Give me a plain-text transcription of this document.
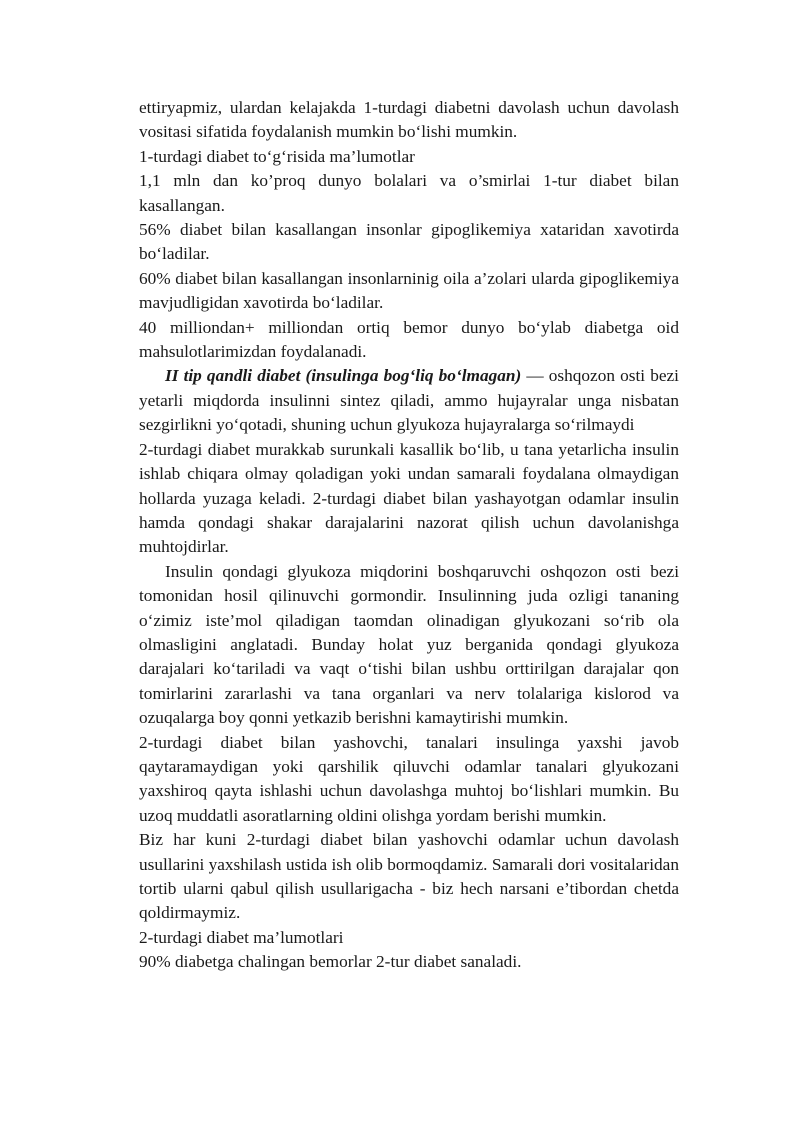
ettiryapmiz, ulardan kelajakda 1-turdagi diabetni davolash uchun davolash vositasi sifatida foydalanish mumkin bo‘lishi mumkin.

1-turdagi diabet to‘g‘risida ma’lumotlar

1,1 mln dan ko’proq dunyo bolalari va o’smirlai 1-tur diabet bilan kasallangan.

56% diabet bilan kasallangan insonlar gipoglikemiya xataridan xavotirda bo‘ladilar.

60% diabet bilan kasallangan insonlarninig oila a’zolari ularda gipoglikemiya mavjudligidan xavotirda bo‘ladilar.

40 milliondan+ milliondan ortiq bemor dunyo bo‘ylab diabetga oid mahsulotlarimizdan foydalanadi.

II tip qandli diabet (insulinga bog‘liq bo‘lmagan) — oshqozon osti bezi yetarli miqdorda insulinni sintez qiladi, ammo hujayralar unga nisbatan sezgirlikni yo‘qotadi, shuning uchun glyukoza hujayralarga so‘rilmaydi

2-turdagi diabet murakkab surunkali kasallik bo‘lib, u tana yetarlicha insulin ishlab chiqara olmay qoladigan yoki undan samarali foydalana olmaydigan hollarda yuzaga keladi. 2-turdagi diabet bilan yashayotgan odamlar insulin hamda qondagi shakar darajalarini nazorat qilish uchun davolanishga muhtojdirlar.

Insulin qondagi glyukoza miqdorini boshqaruvchi oshqozon osti bezi tomonidan hosil qilinuvchi gormondir. Insulinning juda ozligi tananing o‘zimiz iste’mol qiladigan taomdan olinadigan glyukozani so‘rib ola olmasligini anglatadi. Bunday holat yuz berganida qondagi glyukoza darajalari ko‘tariladi va vaqt o‘tishi bilan ushbu orttirilgan darajalar qon tomirlarini zararlashi va tana organlari va nerv tolalariga kislorod va ozuqalarga boy qonni yetkazib berishni kamaytirishi mumkin.

2-turdagi diabet bilan yashovchi, tanalari insulinga yaxshi javob qaytaramaydigan yoki qarshilik qiluvchi odamlar tanalari glyukozani yaxshiroq qayta ishlashi uchun davolashga muhtoj bo‘lishlari mumkin. Bu uzoq muddatli asoratlarning oldini olishga yordam berishi mumkin.

Biz har kuni 2-turdagi diabet bilan yashovchi odamlar uchun davolash usullarini yaxshilash ustida ish olib bormoqdamiz. Samarali dori vositalaridan tortib ularni qabul qilish usullarigacha - biz hech narsani e’tibordan chetda qoldirmaymiz.

2-turdagi diabet ma’lumotlari

90% diabetga chalingan bemorlar 2-tur diabet sanaladi.
